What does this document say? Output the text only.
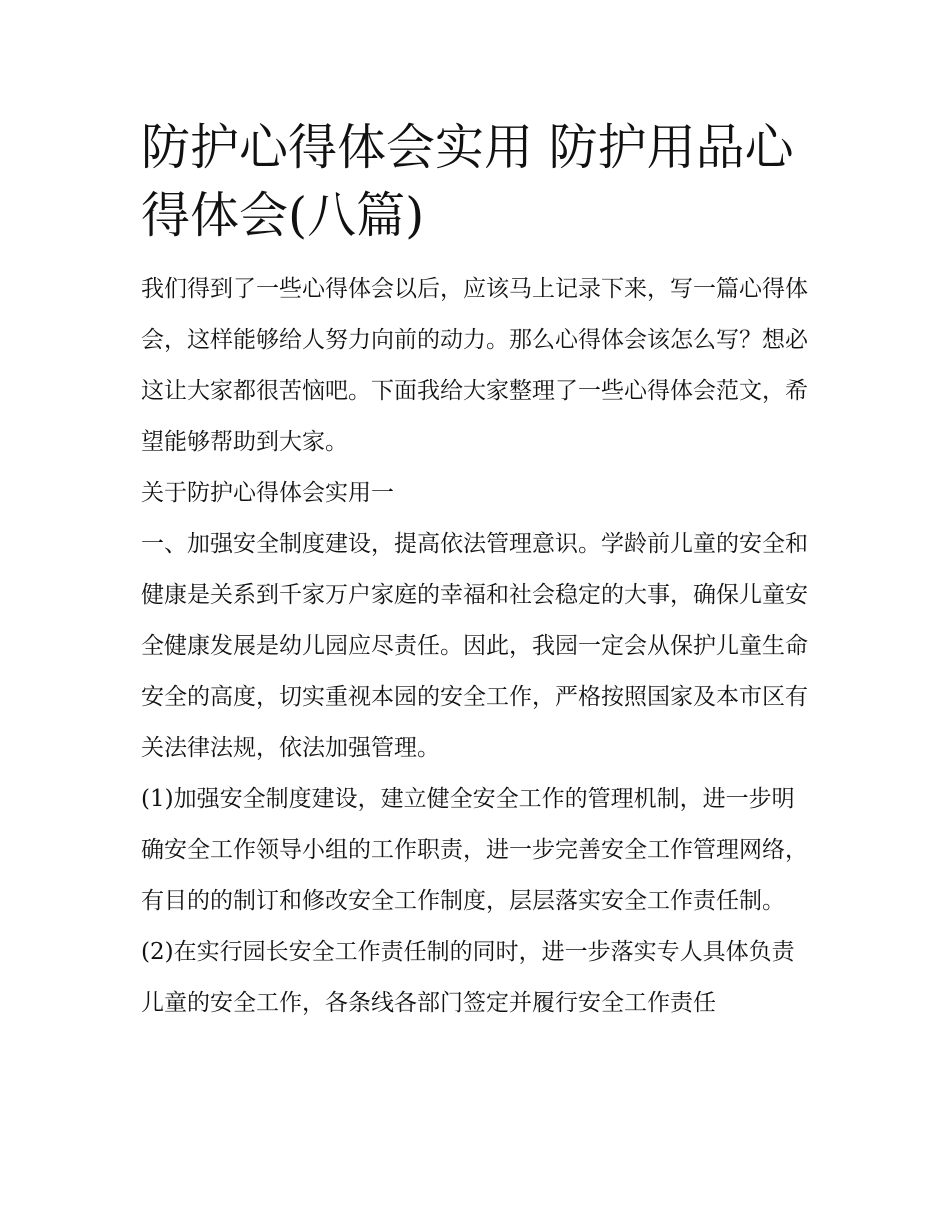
防护心得体会实用 防护用品心得体会(八篇)

我们得到了一些心得体会以后，应该马上记录下来，写一篇心得体会，这样能够给人努力向前的动力。那么心得体会该怎么写？想必这让大家都很苦恼吧。下面我给大家整理了一些心得体会范文，希望能够帮助到大家。

关于防护心得体会实用一

一、加强安全制度建设，提高依法管理意识。学龄前儿童的安全和健康是关系到千家万户家庭的幸福和社会稳定的大事，确保儿童安全健康发展是幼儿园应尽责任。因此，我园一定会从保护儿童生命安全的高度，切实重视本园的安全工作，严格按照国家及本市区有关法律法规，依法加强管理。

(1)加强安全制度建设，建立健全安全工作的管理机制，进一步明确安全工作领导小组的工作职责，进一步完善安全工作管理网络，有目的的制订和修改安全工作制度，层层落实安全工作责任制。

(2)在实行园长安全工作责任制的同时，进一步落实专人具体负责儿童的安全工作，各条线各部门签定并履行安全工作责任
